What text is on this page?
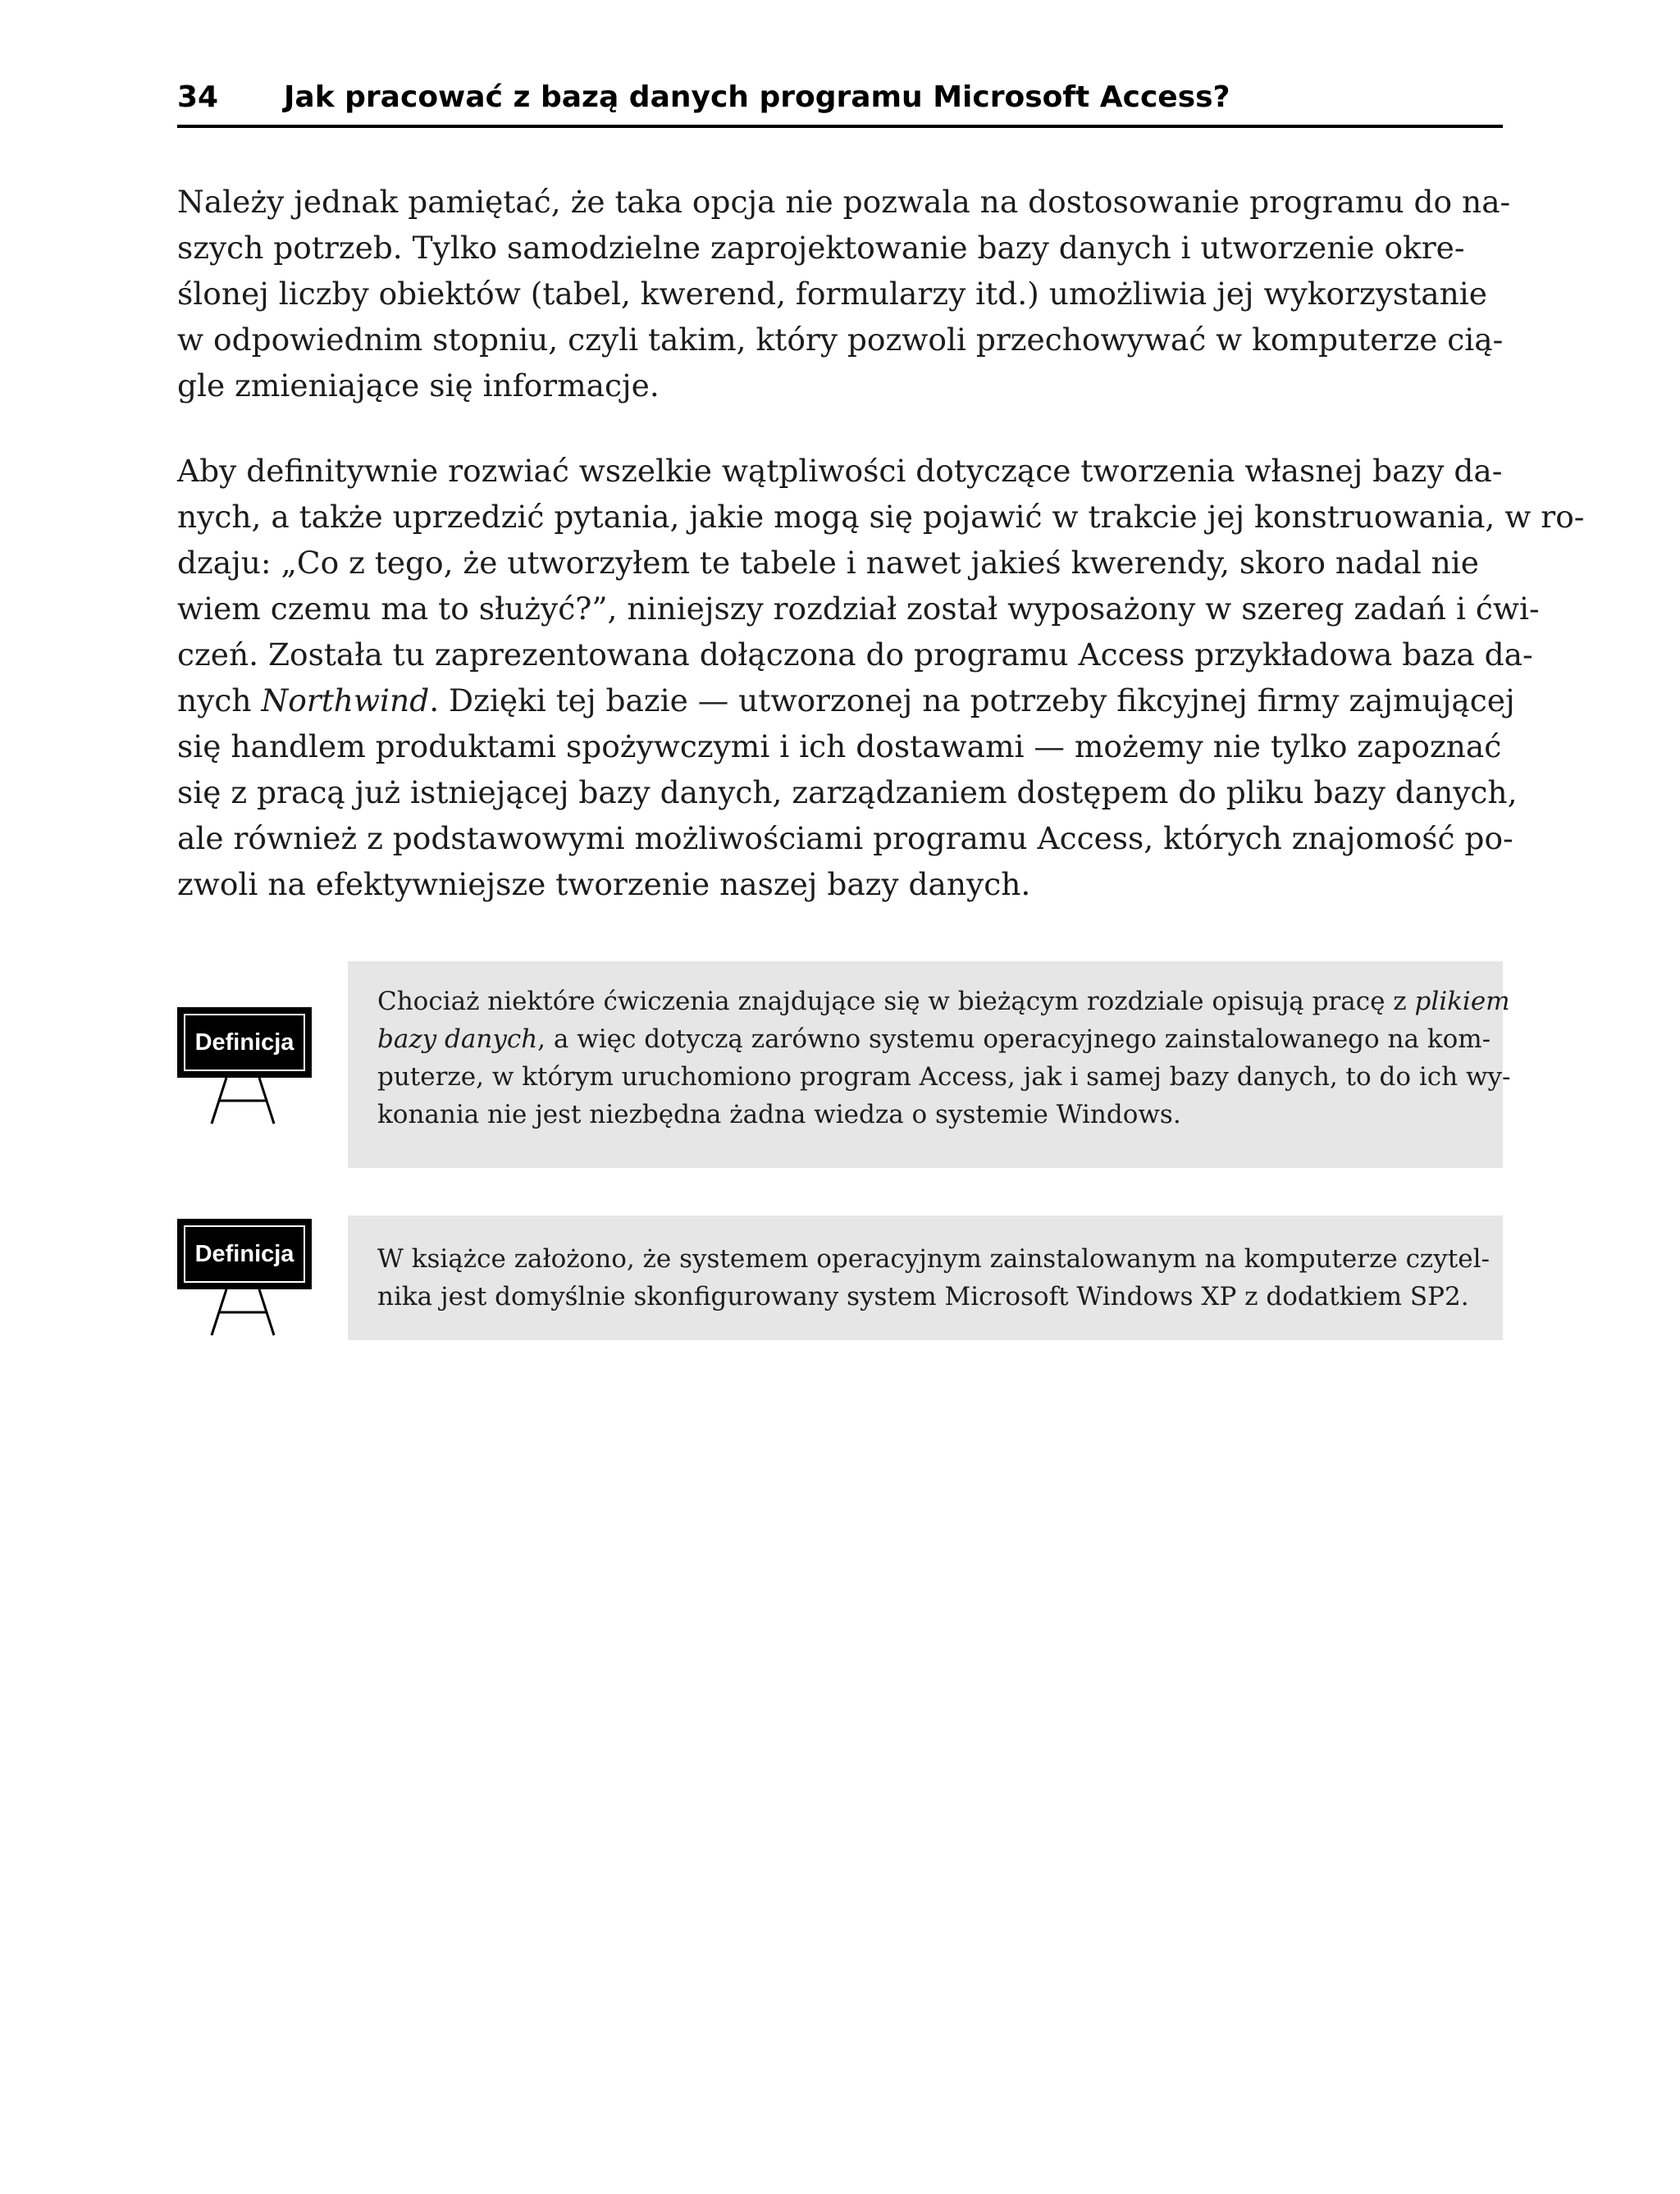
34 Jak pracować z bazą danych programu Microsoft Access?

Należy jednak pamiętać, że taka opcja nie pozwala na dostosowanie programu do na-
szych potrzeb. Tylko samodzielne zaprojektowanie bazy danych i utworzenie okre-
ślonej liczby obiektów (tabel, kwerend, formularzy itd.) umożliwia jej wykorzystanie
w odpowiednim stopniu, czyli takim, który pozwoli przechowywać w komputerze cią-
gle zmieniające się informacje.

Aby definitywnie rozwiać wszelkie wątpliwości dotyczące tworzenia własnej bazy da-
nych, a także uprzedzić pytania, jakie mogą się pojawić w trakcie jej konstruowania, w ro-
dzaju: „Co z tego, że utworzyłem te tabele i nawet jakieś kwerendy, skoro nadal nie
wiem czemu ma to służyć?”, niniejszy rozdział został wyposażony w szereg zadań i ćwi-
czeń. Została tu zaprezentowana dołączona do programu Access przykładowa baza da-
nych Northwind. Dzięki tej bazie — utworzonej na potrzeby fikcyjnej firmy zajmującej
się handlem produktami spożywczymi i ich dostawami — możemy nie tylko zapoznać
się z pracą już istniejącej bazy danych, zarządzaniem dostępem do pliku bazy danych,
ale również z podstawowymi możliwościami programu Access, których znajomość po-
zwoli na efektywniejsze tworzenie naszej bazy danych.

Definicja

Chociaż niektóre ćwiczenia znajdujące się w bieżącym rozdziale opisują pracę z plikiem
bazy danych, a więc dotyczą zarówno systemu operacyjnego zainstalowanego na kom-
puterze, w którym uruchomiono program Access, jak i samej bazy danych, to do ich wy-
konania nie jest niezbędna żadna wiedza o systemie Windows.

Definicja	W książce założono, że systemem operacyjnym zainstalowanym na komputerze czytel-
nika jest domyślnie skonfigurowany system Microsoft Windows XP z dodatkiem SP2.
